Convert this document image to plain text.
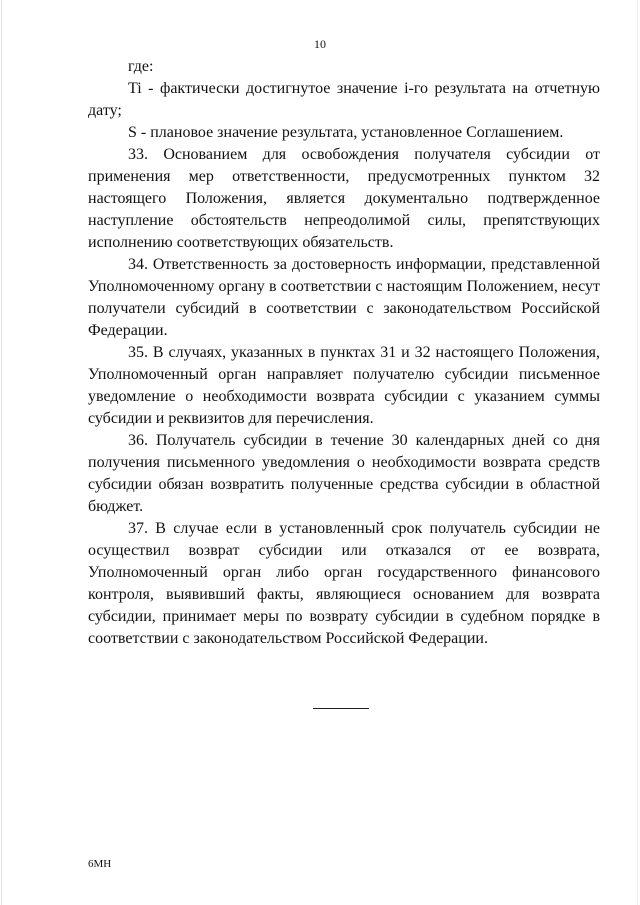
10

где:

Ti - фактически достигнутое значение i-го результата на отчетную дату;

S - плановое значение результата, установленное Соглашением.

33. Основанием для освобождения получателя субсидии от применения мер ответственности, предусмотренных пунктом 32 настоящего Положения, является документально подтвержденное наступление обстоятельств непреодолимой силы, препятствующих исполнению соответствующих обязательств.

34. Ответственность за достоверность информации, представленной Уполномоченному органу в соответствии с настоящим Положением, несут получатели субсидий в соответствии с законодательством Российской Федерации.

35. В случаях, указанных в пунктах 31 и 32 настоящего Положения, Уполномоченный орган направляет получателю субсидии письменное уведомление о необходимости возврата субсидии с указанием суммы субсидии и реквизитов для перечисления.

36. Получатель субсидии в течение 30 календарных дней со дня получения письменного уведомления о необходимости возврата средств субсидии обязан возвратить полученные средства субсидии в областной бюджет.

37. В случае если в установленный срок получатель субсидии не осуществил возврат субсидии или отказался от ее возврата, Уполномоченный орган либо орган государственного финансового контроля, выявивший факты, являющиеся основанием для возврата субсидии, принимает меры по возврату субсидии в судебном порядке в соответствии с законодательством Российской Федерации.

6МН
